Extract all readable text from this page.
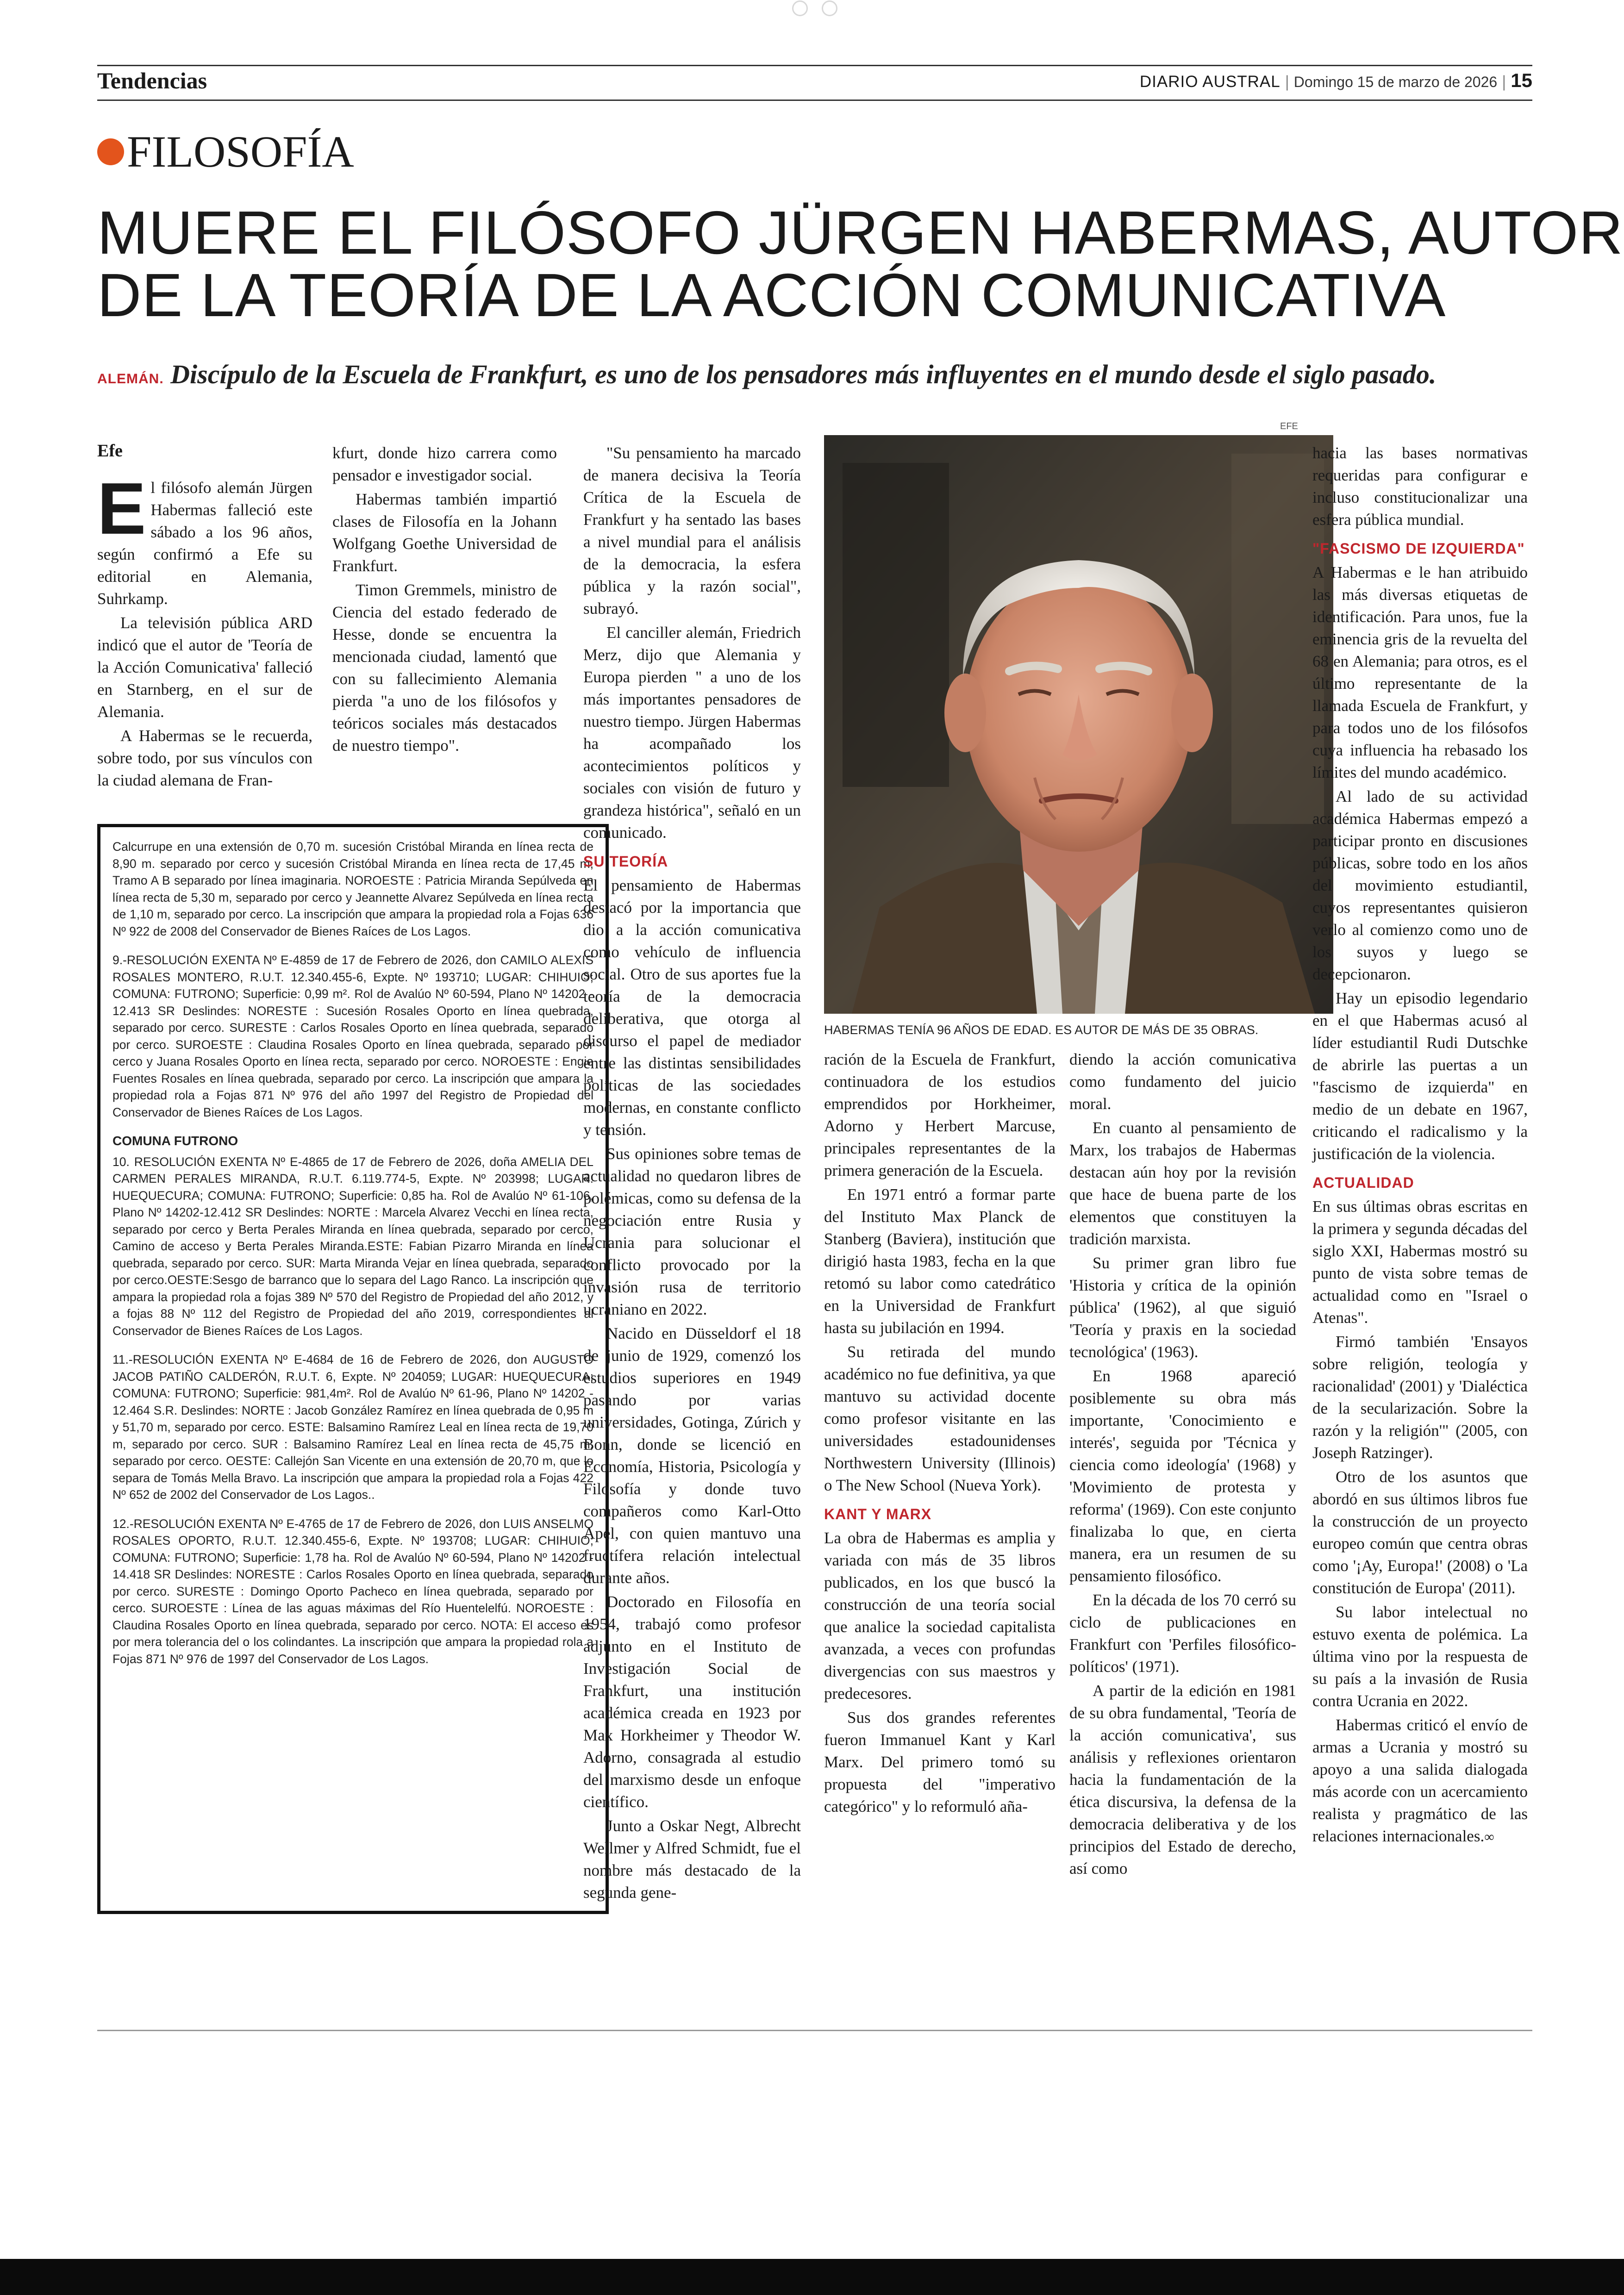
Tendencias	DIARIO AUSTRAL | Domingo 15 de marzo de 2026 | 15
FILOSOFÍA
MUERE EL FILÓSOFO JÜRGEN HABERMAS, AUTOR
DE LA TEORÍA DE LA ACCIÓN COMUNICATIVA
ALEMÁN. Discípulo de la Escuela de Frankfurt, es uno de los pensadores más influyentes en el mundo desde el siglo pasado.
Efe
E l filósofo alemán Jürgen Habermas falleció este sábado a los 96 años, según confirmó a Efe su editorial en Alemania, Suhrkamp.

La televisión pública ARD indicó que el autor de 'Teoría de la Acción Comunicativa' falleció en Starnberg, en el sur de Alemania.

A Habermas se le recuerda, sobre todo, por sus vínculos con la ciudad alemana de Fran-

kfurt, donde hizo carrera como pensador e investigador social.

Habermas también impartió clases de Filosofía en la Johann Wolfgang Goethe Universidad de Frankfurt.

Timon Gremmels, ministro de Ciencia del estado federado de Hesse, donde se encuentra la mencionada ciudad, lamentó que con su fallecimiento Alemania pierda "a uno de los filósofos y teóricos sociales más destacados de nuestro tiempo".

Calcurrupe en una extensión de 0,70 m. sucesión Cristóbal Miranda en línea recta de 8,90 m. separado por cerco y sucesión Cristóbal Miranda en línea recta de 17,45 m, Tramo A B separado por línea imaginaria. NOROESTE : Patricia Miranda Sepúlveda en línea recta de 5,30 m, separado por cerco y Jeannette Alvarez Sepúlveda en línea recta de 1,10 m, separado por cerco. La inscripción que ampara la propiedad rola a Fojas 636 Nº 922 de 2008 del Conservador de Bienes Raíces de Los Lagos.

9.-RESOLUCIÓN EXENTA Nº E-4859 de 17 de Febrero de 2026, don CAMILO ALEXIS ROSALES MONTERO, R.U.T. 12.340.455-6, Expte. Nº 193710; LUGAR: CHIHUIO; COMUNA: FUTRONO; Superficie: 0,99 m². Rol de Avalúo Nº 60-594, Plano Nº 14202 - 12.413 SR Deslindes: NORESTE : Sucesión Rosales Oporto en línea quebrada, separado por cerco. SURESTE : Carlos Rosales Oporto en línea quebrada, separado por cerco. SUROESTE : Claudina Rosales Oporto en línea quebrada, separado por cerco y Juana Rosales Oporto en línea recta, separado por cerco. NOROESTE : Engie Fuentes Rosales en línea quebrada, separado por cerco. La inscripción que ampara la propiedad rola a Fojas 871 Nº 976 del año 1997 del Registro de Propiedad del Conservador de Bienes Raíces de Los Lagos.

COMUNA FUTRONO

10. RESOLUCIÓN EXENTA Nº E-4865 de 17 de Febrero de 2026, doña AMELIA DEL CARMEN PERALES MIRANDA, R.U.T. 6.119.774-5, Expte. Nº 203998; LUGAR: HUEQUECURA; COMUNA: FUTRONO; Superficie: 0,85 ha. Rol de Avalúo Nº 61-106, Plano Nº 14202-12.412 SR Deslindes: NORTE : Marcela Alvarez Vecchi en línea recta, separado por cerco y Berta Perales Miranda en línea quebrada, separado por cerco, Camino de acceso y Berta Perales Miranda.ESTE: Fabian Pizarro Miranda en línea quebrada, separado por cerco. SUR: Marta Miranda Vejar en línea quebrada, separado por cerco.OESTE:Sesgo de barranco que lo separa del Lago Ranco. La inscripción que ampara la propiedad rola a fojas 389 Nº 570 del Registro de Propiedad del año 2012, y a fojas 88 Nº 112 del Registro de Propiedad del año 2019, correspondientes al Conservador de Bienes Raíces de Los Lagos.

11.-RESOLUCIÓN EXENTA Nº E-4684 de 16 de Febrero de 2026, don AUGUSTO JACOB PATIÑO CALDERÓN, R.U.T. 6, Expte. Nº 204059; LUGAR: HUEQUECURA; COMUNA: FUTRONO; Superficie: 981,4m². Rol de Avalúo Nº 61-96, Plano Nº 14202 - 12.464 S.R. Deslindes: NORTE : Jacob González Ramírez en línea quebrada de 0,95 m y 51,70 m, separado por cerco. ESTE: Balsamino Ramírez Leal en línea recta de 19,70 m, separado por cerco. SUR : Balsamino Ramírez Leal en línea recta de 45,75 m, separado por cerco. OESTE: Callejón San Vicente en una extensión de 20,70 m, que lo separa de Tomás Mella Bravo. La inscripción que ampara la propiedad rola a Fojas 422 Nº 652 de 2002 del Conservador de Los Lagos..

12.-RESOLUCIÓN EXENTA Nº E-4765 de 17 de Febrero de 2026, don LUIS ANSELMO ROSALES OPORTO, R.U.T. 12.340.455-6, Expte. Nº 193708; LUGAR: CHIHUIO; COMUNA: FUTRONO; Superficie: 1,78 ha. Rol de Avalúo Nº 60-594, Plano Nº 14202 - 14.418 SR Deslindes: NORESTE : Carlos Rosales Oporto en línea quebrada, separado por cerco. SURESTE : Domingo Oporto Pacheco en línea quebrada, separado por cerco. SUROESTE : Línea de las aguas máximas del Río Huentelelfú. NOROESTE : Claudina Rosales Oporto en línea quebrada, separado por cerco. NOTA: El acceso es por mera tolerancia del o los colindantes. La inscripción que ampara la propiedad rola a Fojas 871 Nº 976 de 1997 del Conservador de Los Lagos.

"Su pensamiento ha marcado de manera decisiva la Teoría Crítica de la Escuela de Frankfurt y ha sentado las bases a nivel mundial para el análisis de la democracia, la esfera pública y la razón social", subrayó.

El canciller alemán, Friedrich Merz, dijo que Alemania y Europa pierden " a uno de los más importantes pensadores de nuestro tiempo. Jürgen Habermas ha acompañado los acontecimientos políticos y sociales con visión de futuro y grandeza histórica", señaló en un comunicado.

SU TEORÍA

El pensamiento de Habermas destacó por la importancia que dio a la acción comunicativa como vehículo de influencia social. Otro de sus aportes fue la teoría de la democracia deliberativa, que otorga al discurso el papel de mediador entre las distintas sensibilidades políticas de las sociedades modernas, en constante conflicto y tensión.

Sus opiniones sobre temas de actualidad no quedaron libres de polémicas, como su defensa de la negociación entre Rusia y Ucrania para solucionar el conflicto provocado por la invasión rusa de territorio ucraniano en 2022.

Nacido en Düsseldorf el 18 de junio de 1929, comenzó los estudios superiores en 1949 pasando por varias universidades, Gotinga, Zúrich y Bonn, donde se licenció en Economía, Historia, Psicología y Filosofía y donde tuvo compañeros como Karl-Otto Apel, con quien mantuvo una fructífera relación intelectual durante años.

Doctorado en Filosofía en 1954, trabajó como profesor adjunto en el Instituto de Investigación Social de Frankfurt, una institución académica creada en 1923 por Max Horkheimer y Theodor W. Adorno, consagrada al estudio del marxismo desde un enfoque científico.

Junto a Oskar Negt, Albrecht Wellmer y Alfred Schmidt, fue el nombre más destacado de la segunda gene-

EFE
HABERMAS TENÍA 96 AÑOS DE EDAD. ES AUTOR DE MÁS DE 35 OBRAS.

ración de la Escuela de Frankfurt, continuadora de los estudios emprendidos por Horkheimer, Adorno y Herbert Marcuse, principales representantes de la primera generación de la Escuela.

En 1971 entró a formar parte del Instituto Max Planck de Stanberg (Baviera), institución que dirigió hasta 1983, fecha en la que retomó su labor como catedrático en la Universidad de Frankfurt hasta su jubilación en 1994.

Su retirada del mundo académico no fue definitiva, ya que mantuvo su actividad docente como profesor visitante en las universidades estadounidenses Northwestern University (Illinois) o The New School (Nueva York).

KANT Y MARX

La obra de Habermas es amplia y variada con más de 35 libros publicados, en los que buscó la construcción de una teoría social que analice la sociedad capitalista avanzada, a veces con profundas divergencias con sus maestros y predecesores.

Sus dos grandes referentes fueron Immanuel Kant y Karl Marx. Del primero tomó su propuesta del "imperativo categórico" y lo reformuló aña-

diendo la acción comunicativa como fundamento del juicio moral.

En cuanto al pensamiento de Marx, los trabajos de Habermas destacan aún hoy por la revisión que hace de buena parte de los elementos que constituyen la tradición marxista.

Su primer gran libro fue 'Historia y crítica de la opinión pública' (1962), al que siguió 'Teoría y praxis en la sociedad tecnológica' (1963).

En 1968 apareció posiblemente su obra más importante, 'Conocimiento e interés', seguida por 'Técnica y ciencia como ideología' (1968) y 'Movimiento de protesta y reforma' (1969). Con este conjunto finalizaba lo que, en cierta manera, era un resumen de su pensamiento filosófico.

En la década de los 70 cerró su ciclo de publicaciones en Frankfurt con 'Perfiles filosófico-políticos' (1971).

A partir de la edición en 1981 de su obra fundamental, 'Teoría de la acción comunicativa', sus análisis y reflexiones orientaron hacia la fundamentación de la ética discursiva, la defensa de la democracia deliberativa y de los principios del Estado de derecho, así como

hacia las bases normativas requeridas para configurar e incluso constitucionalizar una esfera pública mundial.

"FASCISMO DE IZQUIERDA"

A Habermas e le han atribuido las más diversas etiquetas de identificación. Para unos, fue la eminencia gris de la revuelta del 68 en Alemania; para otros, es el último representante de la llamada Escuela de Frankfurt, y para todos uno de los filósofos cuya influencia ha rebasado los límites del mundo académico.

Al lado de su actividad académica Habermas empezó a participar pronto en discusiones públicas, sobre todo en los años del movimiento estudiantil, cuyos representantes quisieron verlo al comienzo como uno de los suyos y luego se decepcionaron.

Hay un episodio legendario en el que Habermas acusó al líder estudiantil Rudi Dutschke de abrirle las puertas a un "fascismo de izquierda" en medio de un debate en 1967, criticando el radicalismo y la justificación de la violencia.

ACTUALIDAD

En sus últimas obras escritas en la primera y segunda décadas del siglo XXI, Habermas mostró su punto de vista sobre temas de actualidad como en "Israel o Atenas".

Firmó también 'Ensayos sobre religión, teología y racionalidad' (2001) y 'Dialéctica de la secularización. Sobre la razón y la religión'" (2005, con Joseph Ratzinger).

Otro de los asuntos que abordó en sus últimos libros fue la construcción de un proyecto europeo común que centra obras como '¡Ay, Europa!' (2008) o 'La constitución de Europa' (2011).

Su labor intelectual no estuvo exenta de polémica. La última vino por la respuesta de su país a la invasión de Rusia contra Ucrania en 2022.

Habermas criticó el envío de armas a Ucrania y mostró su apoyo a una salida dialogada más acorde con un acercamiento realista y pragmático de las relaciones internacionales.∞
